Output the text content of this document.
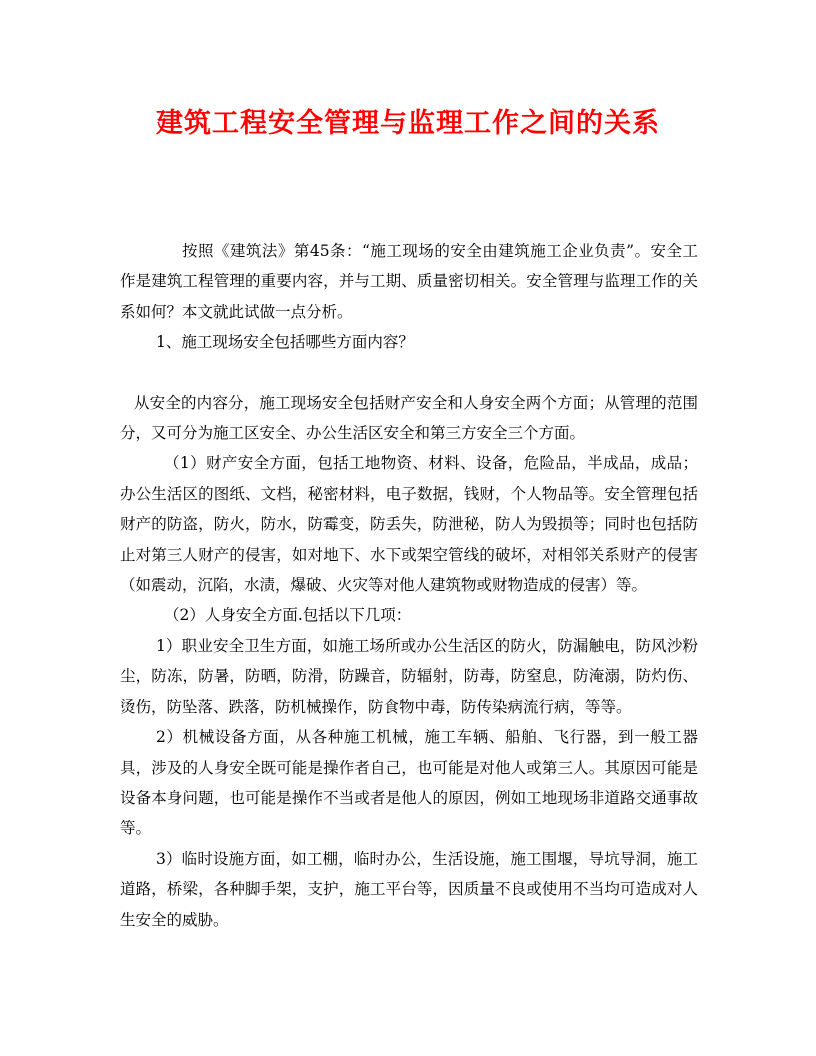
建筑工程安全管理与监理工作之间的关系

按照《建筑法》第45条：“施工现场的安全由建筑施工企业负责”。安全工作是建筑工程管理的重要内容，并与工期、质量密切相关。安全管理与监理工作的关系如何？本文就此试做一点分析。

1、施工现场安全包括哪些方面内容？

从安全的内容分，施工现场安全包括财产安全和人身安全两个方面；从管理的范围分，又可分为施工区安全、办公生活区安全和第三方安全三个方面。

（1）财产安全方面，包括工地物资、材料、设备，危险品，半成品，成品；办公生活区的图纸、文档，秘密材料，电子数据，钱财，个人物品等。安全管理包括财产的防盗，防火，防水，防霉变，防丢失，防泄秘，防人为毁损等；同时也包括防止对第三人财产的侵害，如对地下、水下或架空管线的破坏，对相邻关系财产的侵害（如震动，沉陷，水渍，爆破、火灾等对他人建筑物或财物造成的侵害）等。

（2）人身安全方面.包括以下几项：

1）职业安全卫生方面，如施工场所或办公生活区的防火，防漏触电，防风沙粉尘，防冻，防暑，防晒，防滑，防躁音，防辐射，防毒，防窒息，防淹溺，防灼伤、烫伤，防坠落、跌落，防机械操作，防食物中毒，防传染病流行病，等等。

2）机械设备方面，从各种施工机械，施工车辆、船舶、飞行器，到一般工器具，涉及的人身安全既可能是操作者自己，也可能是对他人或第三人。其原因可能是设备本身问题，也可能是操作不当或者是他人的原因，例如工地现场非道路交通事故等。

3）临时设施方面，如工棚，临时办公，生活设施，施工围堰，导坑导洞，施工道路，桥梁，各种脚手架，支护，施工平台等，因质量不良或使用不当均可造成对人生安全的威胁。
